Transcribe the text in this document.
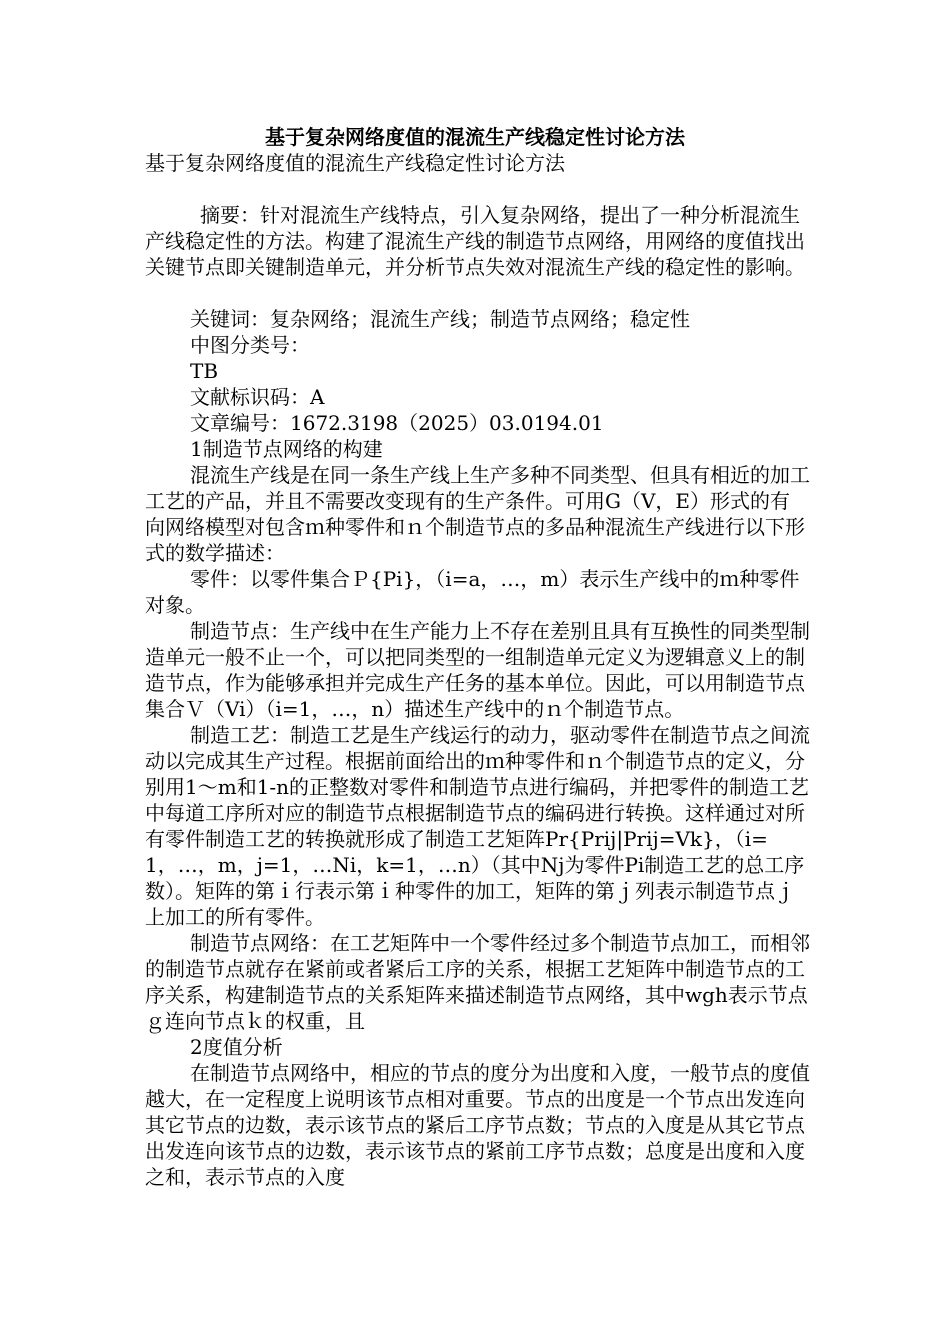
基于复杂网络度值的混流生产线稳定性讨论方法

基于复杂网络度值的混流生产线稳定性讨论方法

摘要：针对混流生产线特点，引入复杂网络，提出了一种分析混流生产线稳定性的方法。构建了混流生产线的制造节点网络，用网络的度值找出关键节点即关键制造单元，并分析节点失效对混流生产线的稳定性的影响。

关键词：复杂网络；混流生产线；制造节点网络；稳定性

中图分类号：

TB

文献标识码：A

文章编号：1672.3198（2025）03.0194.01

1制造节点网络的构建

混流生产线是在同一条生产线上生产多种不同类型、但具有相近的加工工艺的产品，并且不需要改变现有的生产条件。可用G（V，E）形式的有向网络模型对包含ｍ种零件和ｎ个制造节点的多品种混流生产线进行以下形式的数学描述：

零件：以零件集合Ｐ{Pi}，（i=a，…，m）表示生产线中的ｍ种零件对象。

制造节点：生产线中在生产能力上不存在差别且具有互换性的同类型制造单元一般不止一个，可以把同类型的一组制造单元定义为逻辑意义上的制造节点，作为能够承担并完成生产任务的基本单位。因此，可以用制造节点集合Ｖ（Vi）（i=1，…，n）描述生产线中的ｎ个制造节点。

制造工艺：制造工艺是生产线运行的动力，驱动零件在制造节点之间流动以完成其生产过程。根据前面给出的ｍ种零件和ｎ个制造节点的定义，分别用1～m和1-n的正整数对零件和制造节点进行编码，并把零件的制造工艺中每道工序所对应的制造节点根据制造节点的编码进行转换。这样通过对所有零件制造工艺的转换就形成了制造工艺矩阵Pr{Prij|Prij=Vk}，（i=1，…，m，j=1，…Ni，k=1，…n）（其中Nj为零件Pi制造工艺的总工序数）。矩阵的第ｉ行表示第ｉ种零件的加工，矩阵的第ｊ列表示制造节点ｊ上加工的所有零件。

制造节点网络：在工艺矩阵中一个零件经过多个制造节点加工，而相邻的制造节点就存在紧前或者紧后工序的关系，根据工艺矩阵中制造节点的工序关系，构建制造节点的关系矩阵来描述制造节点网络，其中wgh表示节点ｇ连向节点ｋ的权重，且

2度值分析

在制造节点网络中，相应的节点的度分为出度和入度，一般节点的度值越大，在一定程度上说明该节点相对重要。节点的出度是一个节点出发连向其它节点的边数，表示该节点的紧后工序节点数；节点的入度是从其它节点出发连向该节点的边数，表示该节点的紧前工序节点数；总度是出度和入度之和，表示节点的入度
